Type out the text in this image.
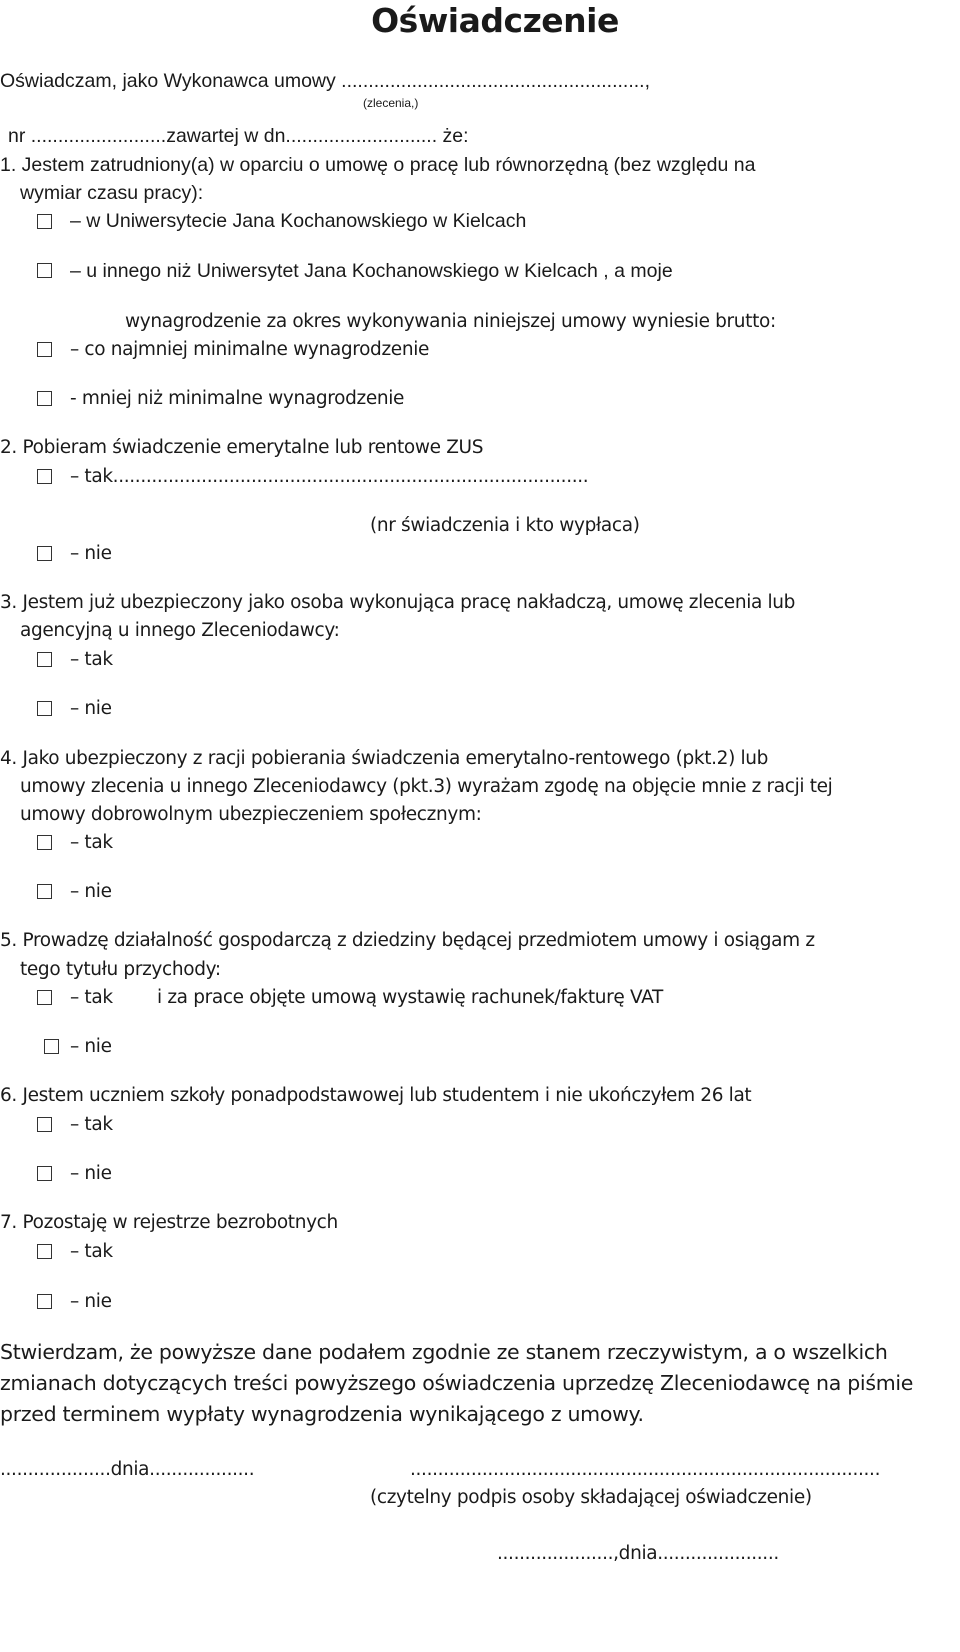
Oświadczenie
Oświadczam, jako Wykonawca umowy ........................................................,
(zlecenia,)
nr .........................zawartej w dn............................ że:
1. Jestem zatrudniony(a) w oparciu o umowę o pracę lub równorzędną (bez względu na
wymiar czasu pracy):
– w Uniwersytecie Jana Kochanowskiego w Kielcach
– u innego niż Uniwersytet Jana Kochanowskiego w Kielcach , a moje
wynagrodzenie za okres wykonywania niniejszej umowy wyniesie brutto:
– co najmniej minimalne wynagrodzenie
- mniej niż minimalne wynagrodzenie
2. Pobieram świadczenie emerytalne lub rentowe ZUS
– tak......................................................................................
(nr świadczenia i kto wypłaca)
– nie
3. Jestem już ubezpieczony jako osoba wykonująca pracę nakładczą, umowę zlecenia lub
agencyjną u innego Zleceniodawcy:
– tak
– nie
4. Jako ubezpieczony z racji pobierania świadczenia emerytalno-rentowego (pkt.2) lub
umowy zlecenia u innego Zleceniodawcy (pkt.3) wyrażam zgodę na objęcie mnie z racji tej
umowy dobrowolnym ubezpieczeniem społecznym:
– tak
– nie
5. Prowadzę działalność gospodarczą z dziedziny będącej przedmiotem umowy i osiągam z
tego tytułu przychody:
– tak i za prace objęte umową wystawię rachunek/fakturę VAT
– nie
6. Jestem uczniem szkoły ponadpodstawowej lub studentem i nie ukończyłem 26 lat
– tak
– nie
7. Pozostaję w rejestrze bezrobotnych
– tak
– nie
Stwierdzam, że powyższe dane podałem zgodnie ze stanem rzeczywistym, a o wszelkich
zmianach dotyczących treści powyższego oświadczenia uprzedzę Zleceniodawcę na piśmie
przed terminem wypłaty wynagrodzenia wynikającego z umowy.
....................dnia...................	.....................................................................................
(czytelny podpis osoby składającej oświadczenie)
.....................,dnia......................
